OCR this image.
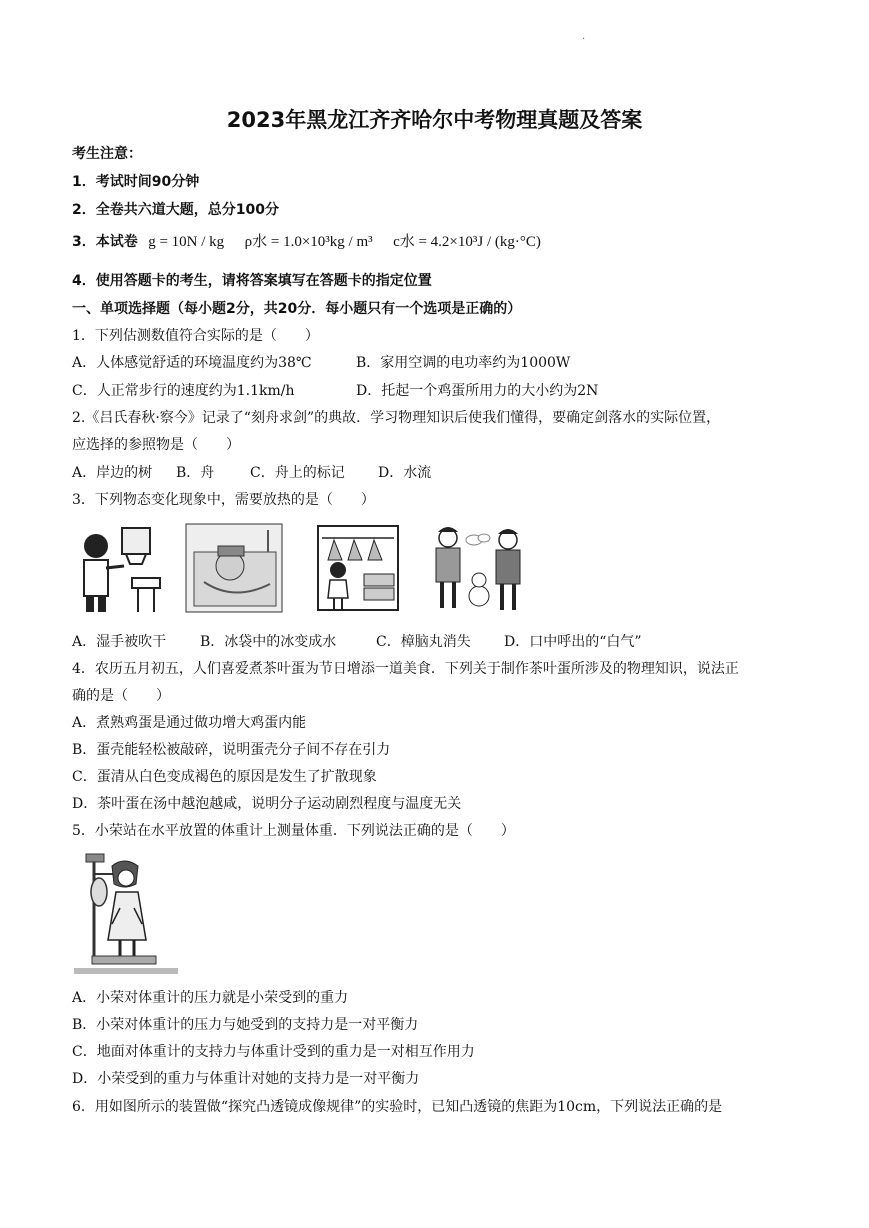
·
2023年黑龙江齐齐哈尔中考物理真题及答案
考生注意：
1．考试时间90分钟
2．全卷共六道大题，总分100分
3．本试卷 g = 10N / kg ρ水 = 1.0×10³kg / m³ c水 = 4.2×10³J / (kg·°C)
4．使用答题卡的考生，请将答案填写在答题卡的指定位置
一、单项选择题（每小题2分，共20分．每小题只有一个选项是正确的）
1．下列估测数值符合实际的是（　　）
A．人体感觉舒适的环境温度约为38℃	B．家用空调的电功率约为1000W
C．人正常步行的速度约为1.1km/h	D．托起一个鸡蛋所用力的大小约为2N
2.《吕氏春秋·察今》记录了“刻舟求剑”的典故．学习物理知识后使我们懂得，要确定剑落水的实际位置，
应选择的参照物是（　　）
A．岸边的树 B．舟	C．舟上的标记 D．水流
3．下列物态变化现象中，需要放热的是（　　）
A．湿手被吹干 B．冰袋中的冰变成水	C．樟脑丸消失 D．口中呼出的“白气”
4．农历五月初五，人们喜爱煮茶叶蛋为节日增添一道美食．下列关于制作茶叶蛋所涉及的物理知识，说法正
确的是（　　）
A．煮熟鸡蛋是通过做功增大鸡蛋内能
B．蛋壳能轻松被敲碎，说明蛋壳分子间不存在引力
C．蛋清从白色变成褐色的原因是发生了扩散现象
D．茶叶蛋在汤中越泡越咸，说明分子运动剧烈程度与温度无关
5．小荣站在水平放置的体重计上测量体重．下列说法正确的是（　　）
A．小荣对体重计的压力就是小荣受到的重力
B．小荣对体重计的压力与她受到的支持力是一对平衡力
C．地面对体重计的支持力与体重计受到的重力是一对相互作用力
D．小荣受到的重力与体重计对她的支持力是一对平衡力
6．用如图所示的装置做“探究凸透镜成像规律”的实验时，已知凸透镜的焦距为10cm，下列说法正确的是
